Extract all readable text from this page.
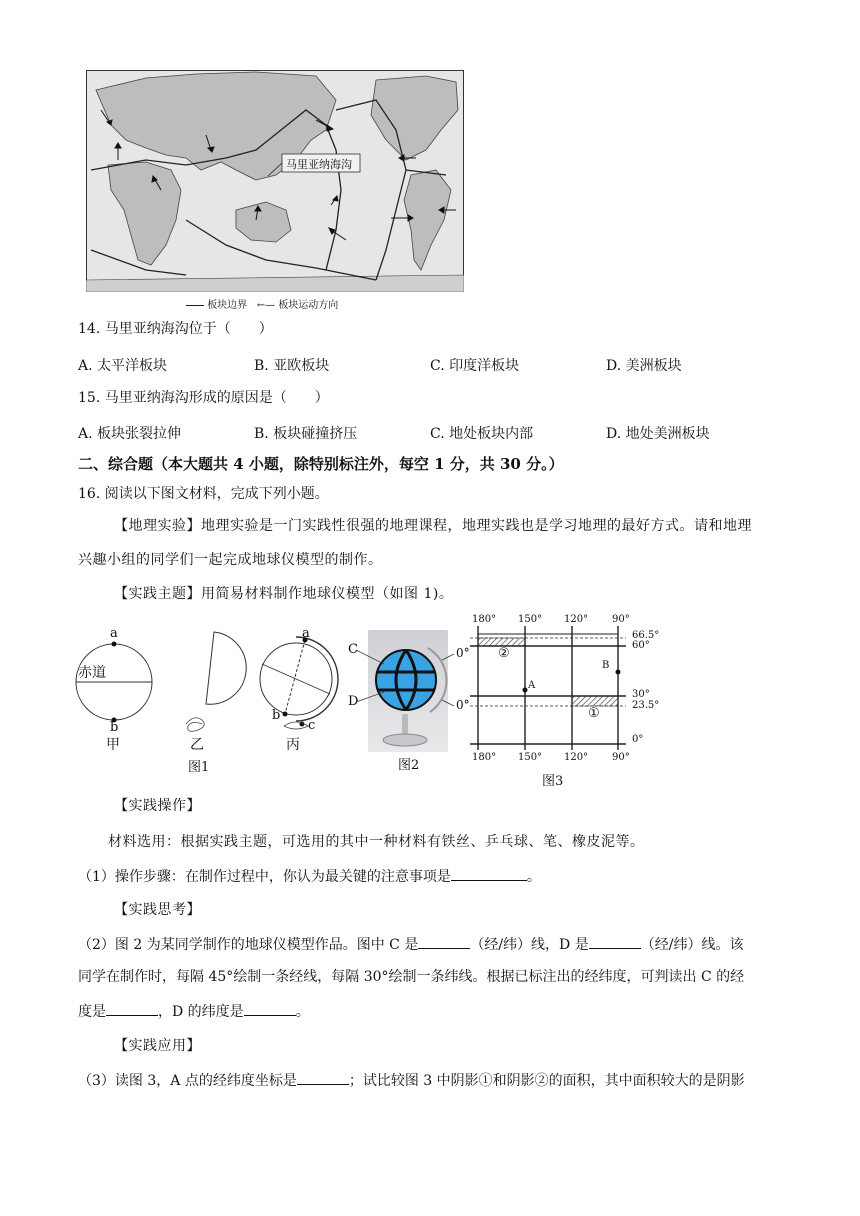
马里亚纳海沟
板块边界 ←— 板块运动方向
14. 马里亚纳海沟位于（　　）
A. 太平洋板块	B. 亚欧板块	C. 印度洋板块	D. 美洲板块
15. 马里亚纳海沟形成的原因是（　　）
A. 板块张裂拉伸	B. 板块碰撞挤压	C. 地处板块内部	D. 地处美洲板块
二、综合题（本大题共 4 小题，除特别标注外，每空 1 分，共 30 分。）
16. 阅读以下图文材料，完成下列小题。
【地理实验】地理实验是一门实践性很强的地理课程，地理实践也是学习地理的最好方式。请和地理
兴趣小组的同学们一起完成地球仪模型的制作。
【实践主题】用简易材料制作地球仪模型（如图 1)。
a
b
赤道
a
b
c
甲	乙	丙
图1
C
D
0°
0°
图2
180° 150° 120° 90°
66.5°
60°
30°
23.5°
0°
A
B
②
①
180° 150° 120° 90°
图3
【实践操作】
材料选用：根据实践主题，可选用的其中一种材料有铁丝、乒乓球、笔、橡皮泥等。
（1）操作步骤：在制作过程中，你认为最关键的注意事项是	。
【实践思考】
（2）图 2 为某同学制作的地球仪模型作品。图中 C 是	（经/纬）线，D 是	（经/纬）线。该
同学在制作时，每隔 45°绘制一条经线，每隔 30°绘制一条纬线。根据已标注出的经纬度，可判读出 C 的经
度是	，D 的纬度是	。
【实践应用】
（3）读图 3，A 点的经纬度坐标是	；试比较图 3 中阴影①和阴影②的面积，其中面积较大的是阴影
